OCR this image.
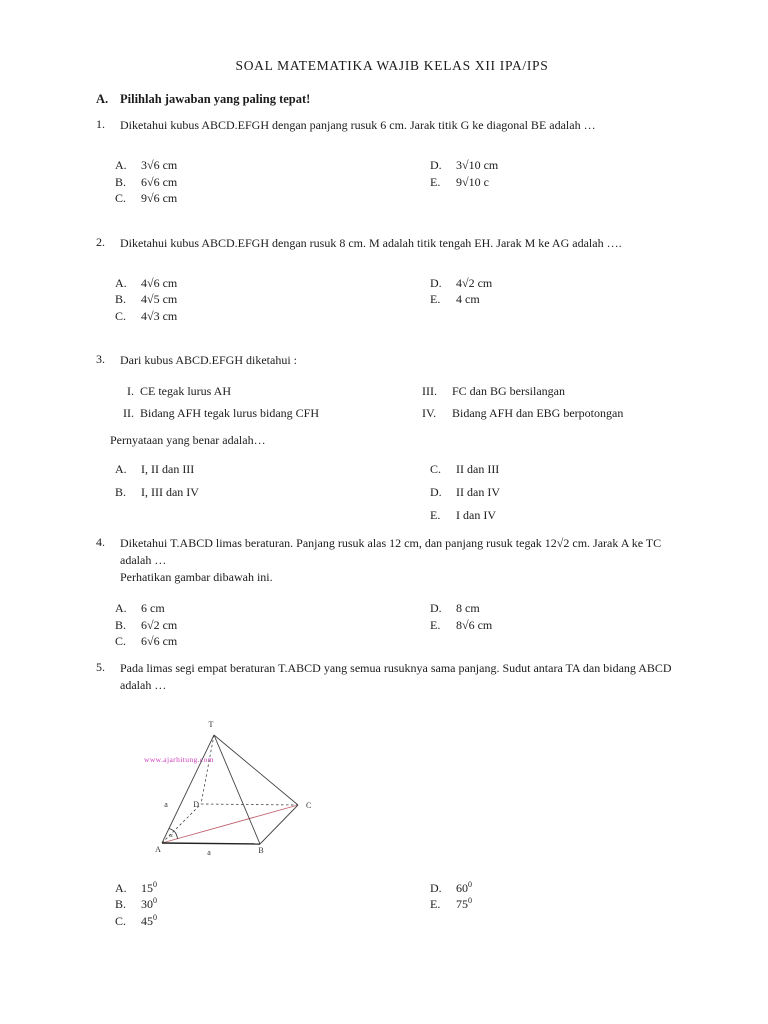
SOAL MATEMATIKA WAJIB KELAS XII IPA/IPS
A. Pilihlah jawaban yang paling tepat!
1.	Diketahui kubus ABCD.EFGH dengan panjang rusuk 6 cm. Jarak titik G ke diagonal BE adalah …
A.	3√6 cm
B.	6√6 cm
C.	9√6 cm
D.	3√10 cm
E.	9√10 c
2.	Diketahui kubus ABCD.EFGH dengan rusuk 8 cm. M adalah titik tengah EH. Jarak M ke AG adalah ….
A.	4√6 cm
B.	4√5 cm
C.	4√3 cm
D.	4√2 cm
E.	4 cm
3.	Dari kubus ABCD.EFGH diketahui :
I. CE tegak lurus AH
II. Bidang AFH tegak lurus bidang CFH
III.	FC dan BG bersilangan
IV.	Bidang AFH dan EBG berpotongan
Pernyataan yang benar adalah…
A.	I, II dan III
B.	I, III dan IV
C.	II dan III
D.	II dan IV
E.	I dan IV
4.	Diketahui T.ABCD limas beraturan. Panjang rusuk alas 12 cm, dan panjang rusuk tegak 12√2 cm. Jarak A ke TC adalah …
Perhatikan gambar dibawah ini.
A.	6 cm
B.	6√2 cm
C.	6√6 cm
D.	8 cm
E.	8√6 cm
5.	Pada limas segi empat beraturan T.ABCD yang semua rusuknya sama panjang. Sudut antara TA dan bidang ABCD adalah …
www.ajarhitung.com
T
A	B
C
D
a
a
α
A.	$15^0$
B.	$30^0$
C.	$45^0$
D.	$60^0$
E.	$75^0$
